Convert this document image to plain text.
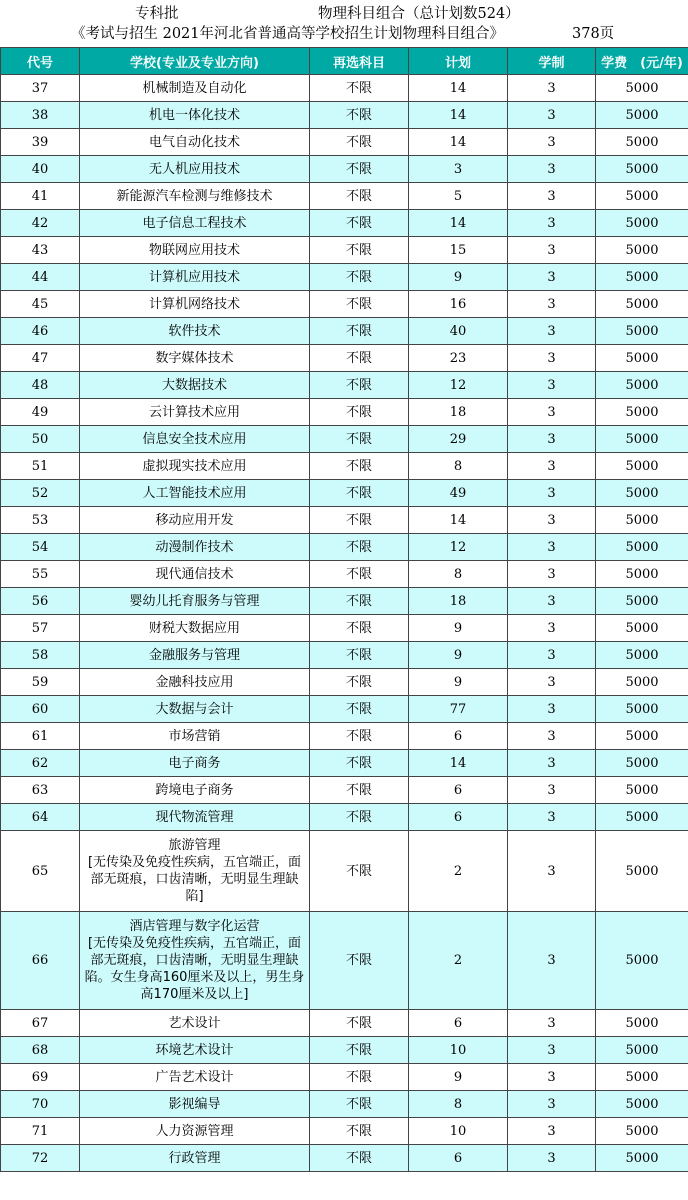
专科批	物理科目组合（总计划数524）
《考试与招生 2021年河北省普通高等学校招生计划物理科目组合》	378页
代号	学校(专业及专业方向)	再选科目	计划	学制	学费　(元/年)
37	机械制造及自动化	不限	14	3	5000
38	机电一体化技术	不限	14	3	5000
39	电气自动化技术	不限	14	3	5000
40	无人机应用技术	不限	3	3	5000
41	新能源汽车检测与维修技术	不限	5	3	5000
42	电子信息工程技术	不限	14	3	5000
43	物联网应用技术	不限	15	3	5000
44	计算机应用技术	不限	9	3	5000
45	计算机网络技术	不限	16	3	5000
46	软件技术	不限	40	3	5000
47	数字媒体技术	不限	23	3	5000
48	大数据技术	不限	12	3	5000
49	云计算技术应用	不限	18	3	5000
50	信息安全技术应用	不限	29	3	5000
51	虚拟现实技术应用	不限	8	3	5000
52	人工智能技术应用	不限	49	3	5000
53	移动应用开发	不限	14	3	5000
54	动漫制作技术	不限	12	3	5000
55	现代通信技术	不限	8	3	5000
56	婴幼儿托育服务与管理	不限	18	3	5000
57	财税大数据应用	不限	9	3	5000
58	金融服务与管理	不限	9	3	5000
59	金融科技应用	不限	9	3	5000
60	大数据与会计	不限	77	3	5000
61	市场营销	不限	6	3	5000
62	电子商务	不限	14	3	5000
63	跨境电子商务	不限	6	3	5000
64	现代物流管理	不限	6	3	5000
65	旅游管理
[无传染及免疫性疾病，五官端正，面部无斑痕，口齿清晰，无明显生理缺陷]	不限	2	3	5000
66	酒店管理与数字化运营
[无传染及免疫性疾病，五官端正，面部无斑痕，口齿清晰，无明显生理缺陷。女生身高160厘米及以上，男生身高170厘米及以上]	不限	2	3	5000
67	艺术设计	不限	6	3	5000
68	环境艺术设计	不限	10	3	5000
69	广告艺术设计	不限	9	3	5000
70	影视编导	不限	8	3	5000
71	人力资源管理	不限	10	3	5000
72	行政管理	不限	6	3	5000
